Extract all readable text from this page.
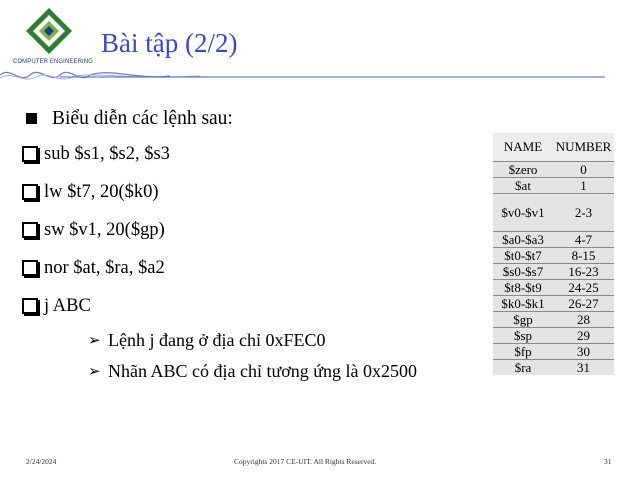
COMPUTER ENGINEERING
Bài tập (2/2)
Biểu diễn các lệnh sau:
sub $s1, $s2, $s3
lw $t7, 20($k0)
sw $v1, 20($gp)
nor $at, $ra, $a2
j ABC
➢ Lệnh j đang ở địa chỉ 0xFEC0
➢ Nhãn ABC có địa chỉ tương ứng là 0x2500
NAME	NUMBER
$zero	0
$at	1
$v0-$v1	2-3
$a0-$a3	4-7
$t0-$t7	8-15
$s0-$s7	16-23
$t8-$t9	24-25
$k0-$k1	26-27
$gp	28
$sp	29
$fp	30
$ra	31
2/24/2024	Copyrights 2017 CE-UIT. All Rights Reserved.	31
